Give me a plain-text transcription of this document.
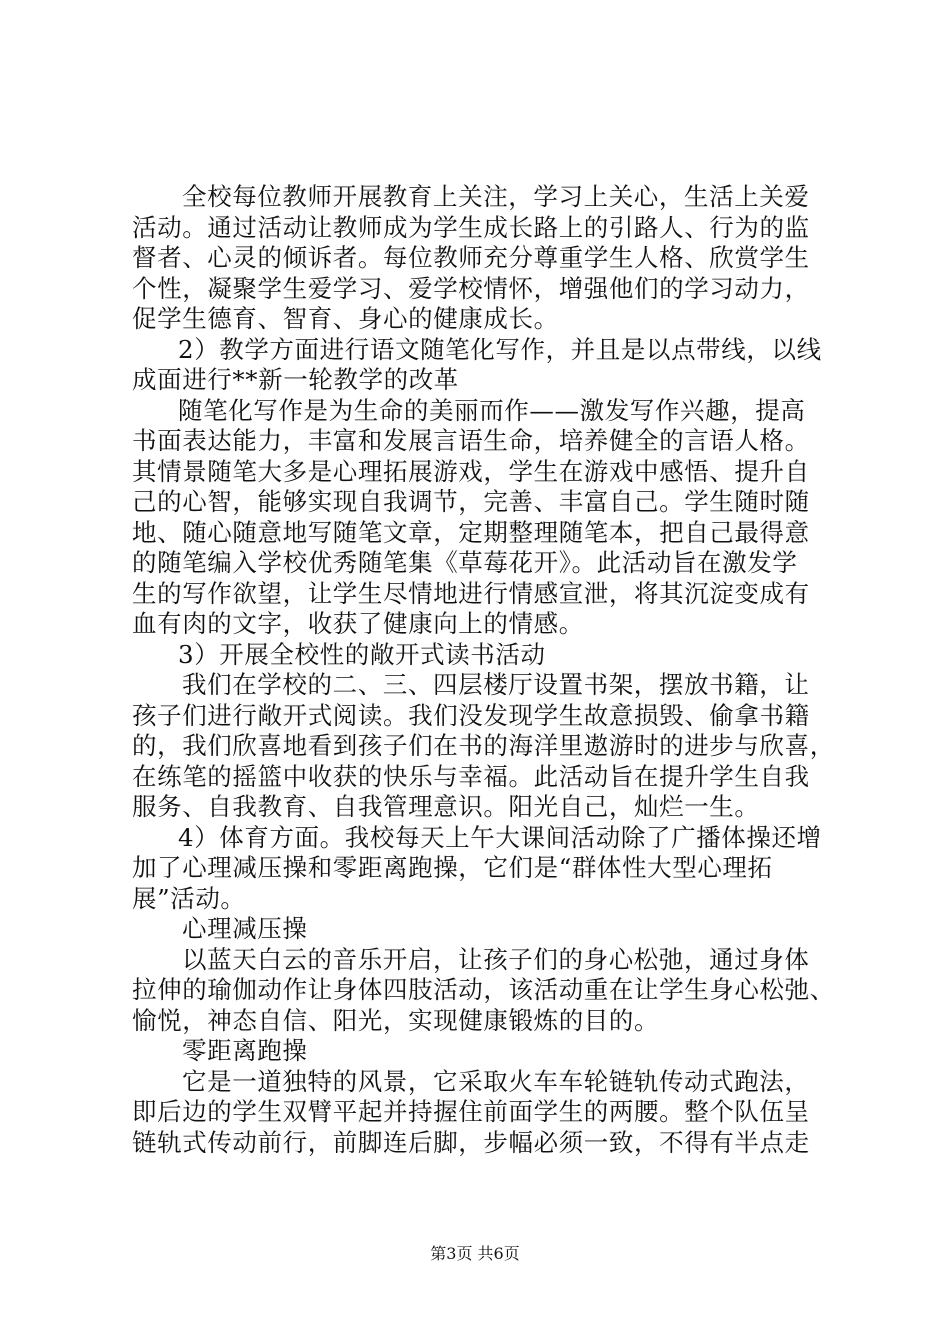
全校每位教师开展教育上关注，学习上关心，生活上关爱
活动。通过活动让教师成为学生成长路上的引路人、行为的监
督者、心灵的倾诉者。每位教师充分尊重学生人格、欣赏学生
个性，凝聚学生爱学习、爱学校情怀，增强他们的学习动力，
促学生德育、智育、身心的健康成长。
2）教学方面进行语文随笔化写作，并且是以点带线，以线
成面进行**新一轮教学的改革
随笔化写作是为生命的美丽而作——激发写作兴趣，提高
书面表达能力，丰富和发展言语生命，培养健全的言语人格。
其情景随笔大多是心理拓展游戏，学生在游戏中感悟、提升自
己的心智，能够实现自我调节，完善、丰富自己。学生随时随
地、随心随意地写随笔文章，定期整理随笔本，把自己最得意
的随笔编入学校优秀随笔集《草莓花开》。此活动旨在激发学
生的写作欲望，让学生尽情地进行情感宣泄，将其沉淀变成有
血有肉的文字，收获了健康向上的情感。
3）开展全校性的敞开式读书活动
我们在学校的二、三、四层楼厅设置书架，摆放书籍，让
孩子们进行敞开式阅读。我们没发现学生故意损毁、偷拿书籍
的，我们欣喜地看到孩子们在书的海洋里遨游时的进步与欣喜，
在练笔的摇篮中收获的快乐与幸福。此活动旨在提升学生自我
服务、自我教育、自我管理意识。阳光自己，灿烂一生。
4）体育方面。我校每天上午大课间活动除了广播体操还增
加了心理减压操和零距离跑操，它们是“群体性大型心理拓
展”活动。
心理减压操
以蓝天白云的音乐开启，让孩子们的身心松弛，通过身体
拉伸的瑜伽动作让身体四肢活动，该活动重在让学生身心松弛、
愉悦，神态自信、阳光，实现健康锻炼的目的。
零距离跑操
它是一道独特的风景，它采取火车车轮链轨传动式跑法，
即后边的学生双臂平起并持握住前面学生的两腰。整个队伍呈
链轨式传动前行，前脚连后脚，步幅必须一致，不得有半点走
第3页 共6页
